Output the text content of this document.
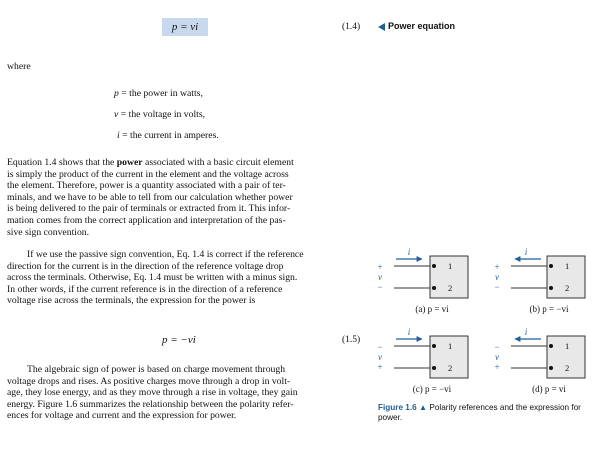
p = vi	(1.4)	Power equation
where
p = the power in watts,
v = the voltage in volts,
i = the current in amperes.
Equation 1.4 shows that the power associated with a basic circuit element
is simply the product of the current in the element and the voltage across
the element. Therefore, power is a quantity associated with a pair of ter-
minals, and we have to be able to tell from our calculation whether power
is being delivered to the pair of terminals or extracted from it. This infor-
mation comes from the correct application and interpretation of the pas-
sive sign convention.
If we use the passive sign convention, Eq. 1.4 is correct if the reference
direction for the current is in the direction of the reference voltage drop
across the terminals. Otherwise, Eq. 1.4 must be written with a minus sign.
In other words, if the current reference is in the direction of a reference
voltage rise across the terminals, the expression for the power is
p = −vi	(1.5)
The algebraic sign of power is based on charge movement through
voltage drops and rises. As positive charges move through a drop in volt-
age, they lose energy, and as they move through a rise in voltage, they gain
energy. Figure 1.6 summarizes the relationship between the polarity refer-
ences for voltage and current and the expression for power.
+
v
−
i
1
2
(a) p = vi
+
v
−
i
1
2
(b) p = −vi
−
v
+
i
1
2
(c) p = −vi
−
v
+
i
1
2
(d) p = vi
Figure 1.6 ▲ Polarity references and the expression for power.
